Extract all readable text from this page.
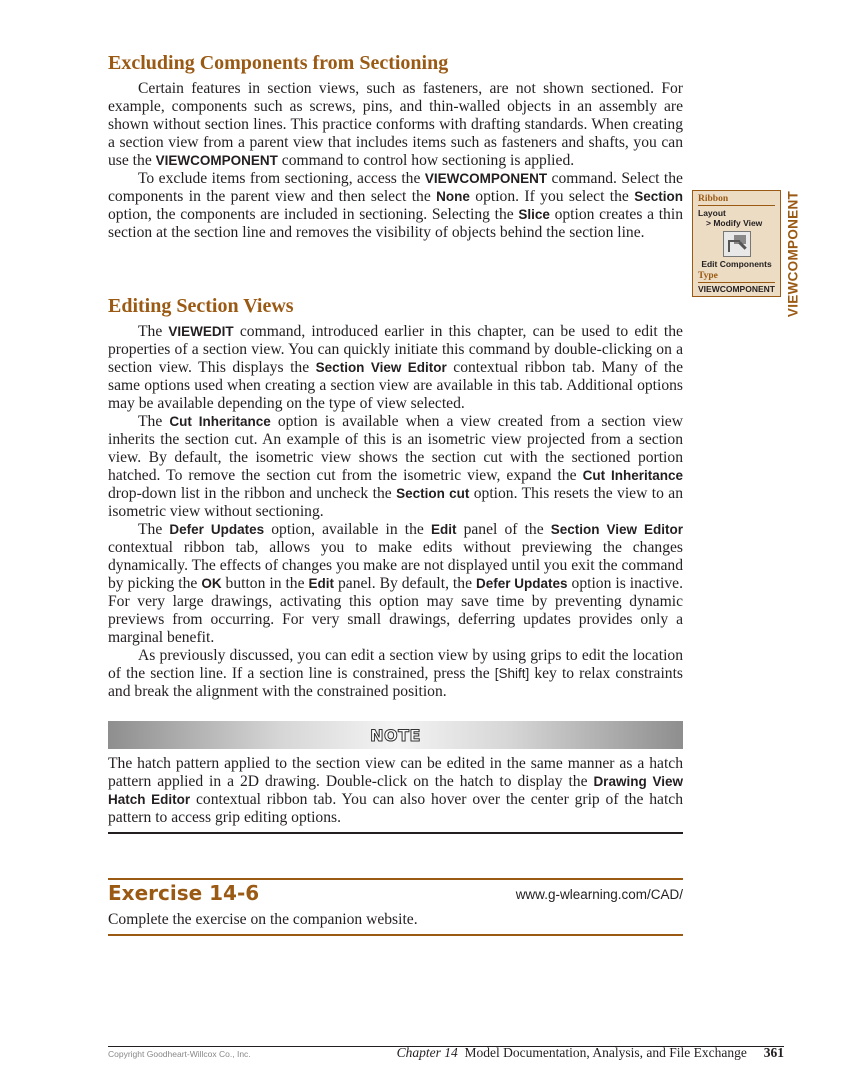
Excluding Components from Sectioning

Certain features in section views, such as fasteners, are not shown sectioned. For example, components such as screws, pins, and thin-walled objects in an assembly are shown without section lines. This practice conforms with drafting standards. When creating a section view from a parent view that includes items such as fasteners and shafts, you can use the VIEWCOMPONENT command to control how sectioning is applied.

To exclude items from sectioning, access the VIEWCOMPONENT command. Select the components in the parent view and then select the None option. If you select the Section option, the components are included in sectioning. Selecting the Slice option creates a thin section at the section line and removes the visibility of objects behind the section line.

Ribbon
Layout
> Modify View
Edit Components
Type
VIEWCOMPONENT VIEWCOMPONENT
Editing Section Views

The VIEWEDIT command, introduced earlier in this chapter, can be used to edit the properties of a section view. You can quickly initiate this command by double-clicking on a section view. This displays the Section View Editor contextual ribbon tab. Many of the same options used when creating a section view are available in this tab. Additional options may be available depending on the type of view selected.

The Cut Inheritance option is available when a view created from a section view inherits the section cut. An example of this is an isometric view projected from a section view. By default, the isometric view shows the section cut with the sectioned portion hatched. To remove the section cut from the isometric view, expand the Cut Inheritance drop-down list in the ribbon and uncheck the Section cut option. This resets the view to an isometric view without sectioning.

The Defer Updates option, available in the Edit panel of the Section View Editor contextual ribbon tab, allows you to make edits without previewing the changes dynamically. The effects of changes you make are not displayed until you exit the command by picking the OK button in the Edit panel. By default, the Defer Updates option is inactive. For very large drawings, activating this option may save time by preventing dynamic previews from occurring. For very small drawings, deferring updates provides only a marginal benefit.

As previously discussed, you can edit a section view by using grips to edit the location of the section line. If a section line is constrained, press the [Shift] key to relax constraints and break the alignment with the constrained position.

NOTE

The hatch pattern applied to the section view can be edited in the same manner as a hatch pattern applied in a 2D drawing. Double-click on the hatch to display the Drawing View Hatch Editor contextual ribbon tab. You can also hover over the center grip of the hatch pattern to access grip editing options.

Exercise 14-6	www.g-wlearning.com/CAD/
Complete the exercise on the companion website.
Copyright Goodheart-Willcox Co., Inc.	Chapter 14 Model Documentation, Analysis, and File Exchange 361
